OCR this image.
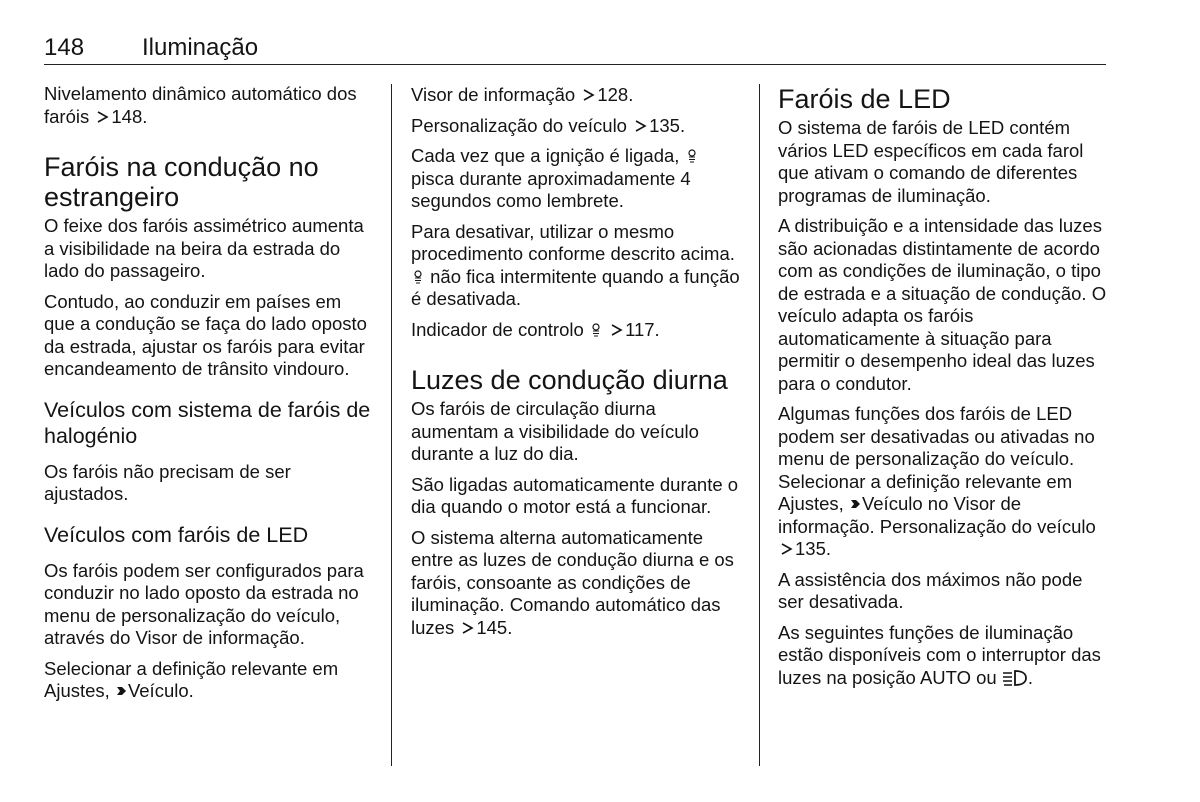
148 Iluminação

Nivelamento dinâmico automático dos faróis 148.

Faróis na condução no estrangeiro

O feixe dos faróis assimétrico aumenta a visibilidade na beira da estrada do lado do passageiro.

Contudo, ao conduzir em países em que a condução se faça do lado oposto da estrada, ajustar os faróis para evitar encandeamento de trânsito vindouro.

Veículos com sistema de faróis de halogénio

Os faróis não precisam de ser ajustados.

Veículos com faróis de LED

Os faróis podem ser configurados para conduzir no lado oposto da estrada no menu de personalização do veículo, através do Visor de informação.

Selecionar a definição relevante em Ajustes,
Veículo.

Visor de informação 128.

Personalização do veículo 135.

Cada vez que a ignição é ligada,
pisca durante aproximadamente 4 segundos como lembrete.

Para desativar, utilizar o mesmo procedimento conforme descrito acima.
não fica intermitente quando a função é desativada.

Indicador de controlo
117.

Luzes de condução diurna

Os faróis de circulação diurna aumentam a visibilidade do veículo durante a luz do dia.

São ligadas automaticamente durante o dia quando o motor está a funcionar.

O sistema alterna automaticamente entre as luzes de condução diurna e os faróis, consoante as condições de iluminação. Comando automático das luzes 145.

Faróis de LED

O sistema de faróis de LED contém vários LED específicos em cada farol que ativam o comando de diferentes programas de iluminação.

A distribuição e a intensidade das luzes são acionadas distintamente de acordo com as condições de iluminação, o tipo de estrada e a situação de condução. O veículo adapta os faróis automaticamente à situação para permitir o desempenho ideal das luzes para o condutor.

Algumas funções dos faróis de LED podem ser desativadas ou ativadas no menu de personalização do veículo. Selecionar a definição relevante em Ajustes,
Veículo no Visor de informação. Personalização do veículo
135.

A assistência dos máximos não pode ser desativada.

As seguintes funções de iluminação estão disponíveis com o interruptor das luzes na posição AUTO ou .
